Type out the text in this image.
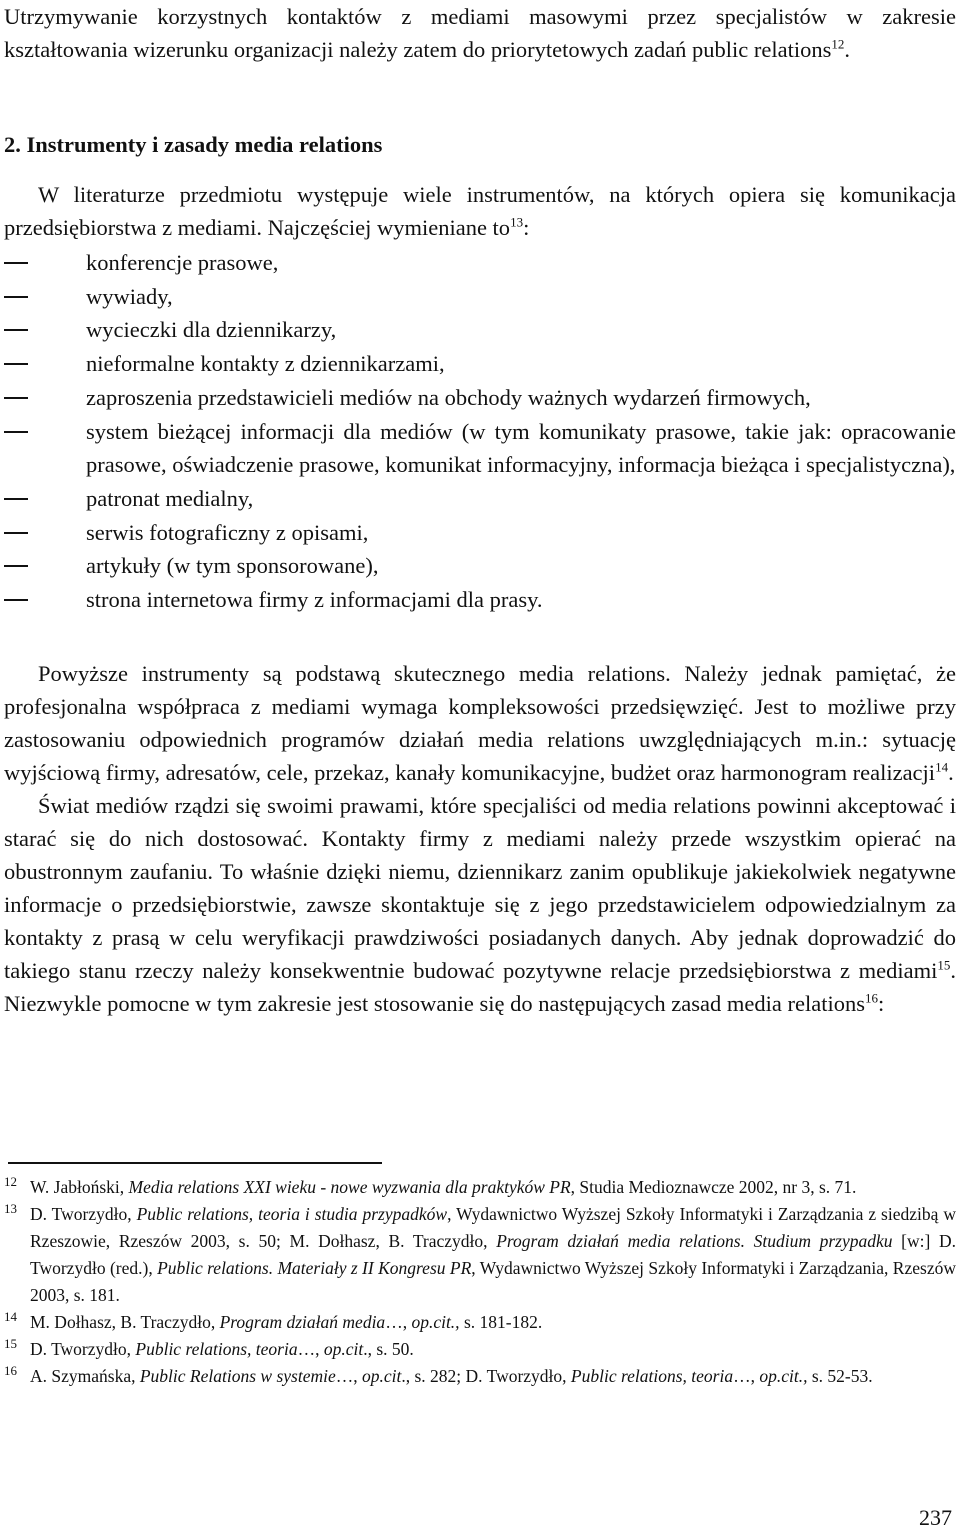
Utrzymywanie korzystnych kontaktów z mediami masowymi przez specjalistów w zakresie kształtowania wizerunku organizacji należy zatem do priorytetowych zadań public relations$^{12}$.

2. Instrumenty i zasady media relations

W literaturze przedmiotu występuje wiele instrumentów, na których opiera się komunikacja przedsiębiorstwa z mediami. Najczęściej wymieniane $to^{13}$:

konferencje prasowe,
wywiady,
wycieczki dla dziennikarzy,
nieformalne kontakty z dziennikarzami,
zaproszenia przedstawicieli mediów na obchody ważnych wydarzeń firmowych,
system bieżącej informacji dla mediów (w tym komunikaty prasowe, takie jak: opracowanie prasowe, oświadczenie prasowe, komunikat informacyjny, informacja bieżąca i specjalistyczna),
patronat medialny,
serwis fotograficzny z opisami,
artykuły (w tym sponsorowane),
strona internetowa firmy z informacjami dla prasy.

Powyższe instrumenty są podstawą skutecznego media relations. Należy jednak pamiętać, że profesjonalna współpraca z mediami wymaga kompleksowości przedsięwzięć. Jest to możliwe przy zastosowaniu odpowiednich programów działań media relations uwzględniających m.in.: sytuację wyjściową firmy, adresatów, cele, przekaz, kanały komunikacyjne, budżet oraz harmonogram realizacji$^{14}$.

Świat mediów rządzi się swoimi prawami, które specjaliści od media relations powinni akceptować i starać się do nich dostosować. Kontakty firmy z mediami należy przede wszystkim opierać na obustronnym zaufaniu. To właśnie dzięki niemu, dziennikarz zanim opublikuje jakiekolwiek negatywne informacje o przedsiębiorstwie, zawsze skontaktuje się z jego przedstawicielem odpowiedzialnym za kontakty z prasą w celu weryfikacji prawdziwości posiadanych danych. Aby jednak doprowadzić do takiego stanu rzeczy należy konsekwentnie budować pozytywne relacje przedsiębiorstwa z mediami$^{15}$. Niezwykle pomocne w tym zakresie jest stosowanie się do następujących zasad media relations$^{16}$:

12 W. Jabłoński, Media relations XXI wieku - nowe wyzwania dla praktyków PR, Studia Medioznawcze 2002, nr 3, s. 71.

13 D. Tworzydło, Public relations, teoria i studia przypadków, Wydawnictwo Wyższej Szkoły Informatyki i Zarządzania z siedzibą w Rzeszowie, Rzeszów 2003, s. 50; M. Dołhasz, B. Traczydło, Program działań media relations. Studium przypadku [w:] D. Tworzydło (red.), Public relations. Materiały z II Kongresu PR, Wydawnictwo Wyższej Szkoły Informatyki i Zarządzania, Rzeszów 2003, s. 181.

14 M. Dołhasz, B. Traczydło, Program działań media…, op.cit., s. 181-182.

15 D. Tworzydło, Public relations, teoria…, op.cit., s. 50.

16 A. Szymańska, Public Relations w systemie…, op.cit., s. 282; D. Tworzydło, Public relations, teoria…, op.cit., s. 52-53.

237
